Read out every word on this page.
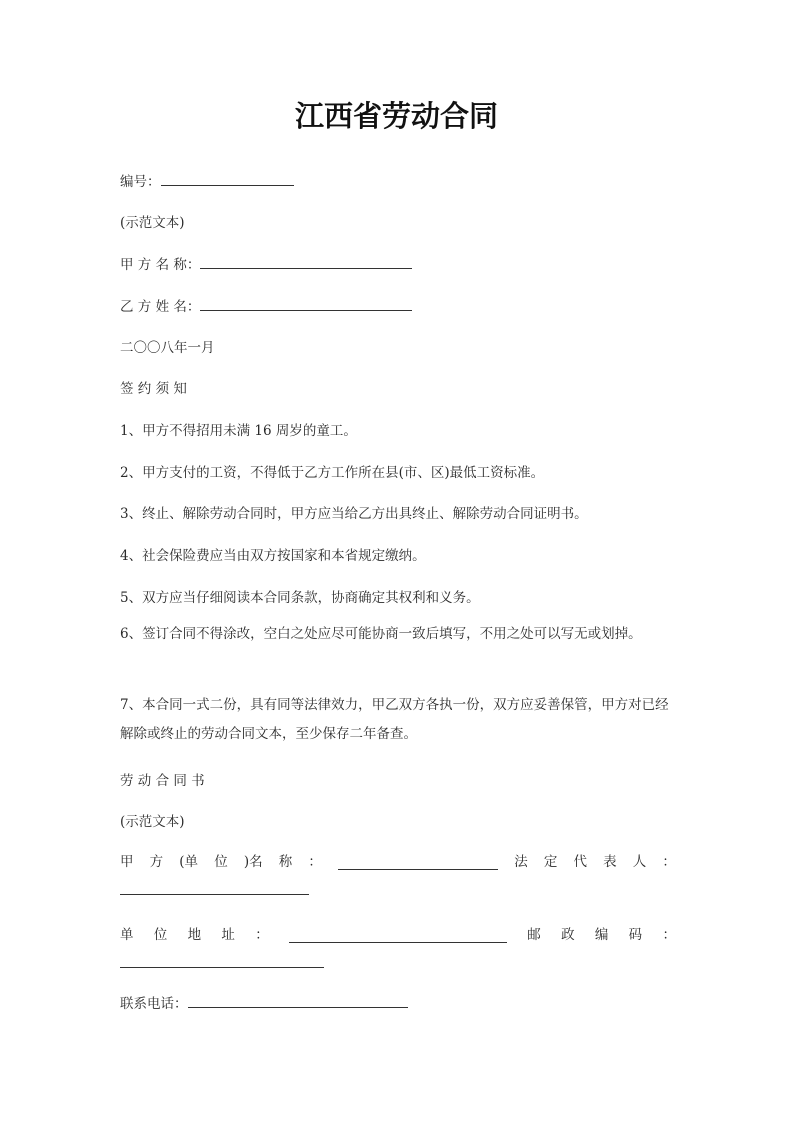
江西省劳动合同
编号：
(示范文本)
甲 方 名 称：
乙 方 姓 名：
二〇〇八年一月
签 约 须 知
1、甲方不得招用未满 16 周岁的童工。
2、甲方支付的工资，不得低于乙方工作所在县(市、区)最低工资标准。
3、终止、解除劳动合同时，甲方应当给乙方出具终止、解除劳动合同证明书。
4、社会保险费应当由双方按国家和本省规定缴纳。
5、双方应当仔细阅读本合同条款，协商确定其权利和义务。
6、签订合同不得涂改，空白之处应尽可能协商一致后填写，不用之处可以写无或划掉。
7、本合同一式二份，具有同等法律效力，甲乙双方各执一份，双方应妥善保管，甲方对已经解除或终止的劳动合同文本，至少保存二年备查。
劳 动 合 同 书
(示范文本)
甲 方 (单 位 )名 称 ：	法 定 代 表 人 ：
单 位 地 址 ：	邮 政 编 码 ：
联系电话：
